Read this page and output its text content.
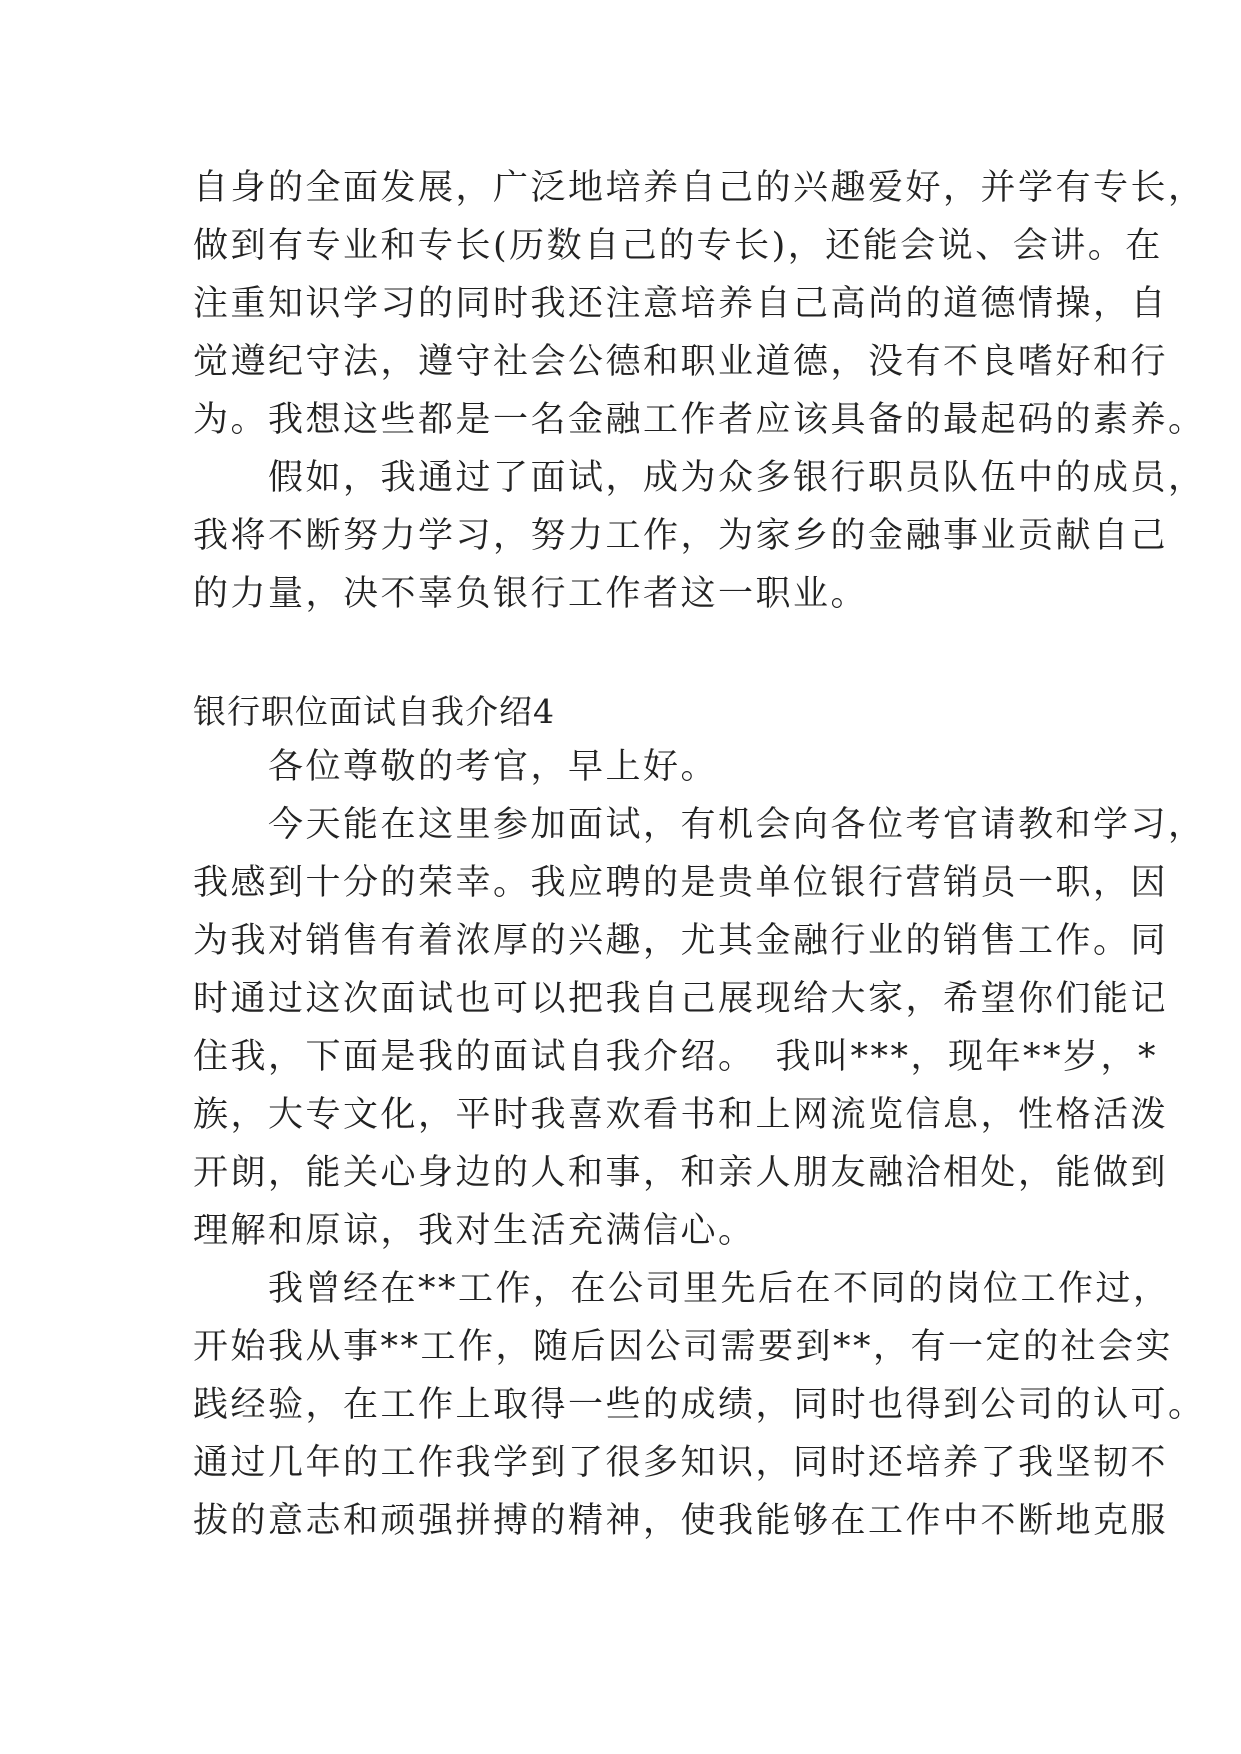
自身的全面发展，广泛地培养自己的兴趣爱好，并学有专长，
做到有专业和专长(历数自己的专长)，还能会说、会讲。在
注重知识学习的同时我还注意培养自己高尚的道德情操，自
觉遵纪守法，遵守社会公德和职业道德，没有不良嗜好和行
为。我想这些都是一名金融工作者应该具备的最起码的素养。
　　假如，我通过了面试，成为众多银行职员队伍中的成员，
我将不断努力学习，努力工作，为家乡的金融事业贡献自己
的力量，决不辜负银行工作者这一职业。
银行职位面试自我介绍4
　　各位尊敬的考官，早上好。
　　今天能在这里参加面试，有机会向各位考官请教和学习，
我感到十分的荣幸。我应聘的是贵单位银行营销员一职，因
为我对销售有着浓厚的兴趣，尤其金融行业的销售工作。同
时通过这次面试也可以把我自己展现给大家，希望你们能记
住我，下面是我的面试自我介绍。　我叫***，现年**岁，*
族，大专文化，平时我喜欢看书和上网流览信息，性格活泼
开朗，能关心身边的人和事，和亲人朋友融洽相处，能做到
理解和原谅，我对生活充满信心。
　　我曾经在**工作，在公司里先后在不同的岗位工作过，
开始我从事**工作，随后因公司需要到**，有一定的社会实
践经验，在工作上取得一些的成绩，同时也得到公司的认可。
通过几年的工作我学到了很多知识，同时还培养了我坚韧不
拔的意志和顽强拼搏的精神，使我能够在工作中不断地克服
